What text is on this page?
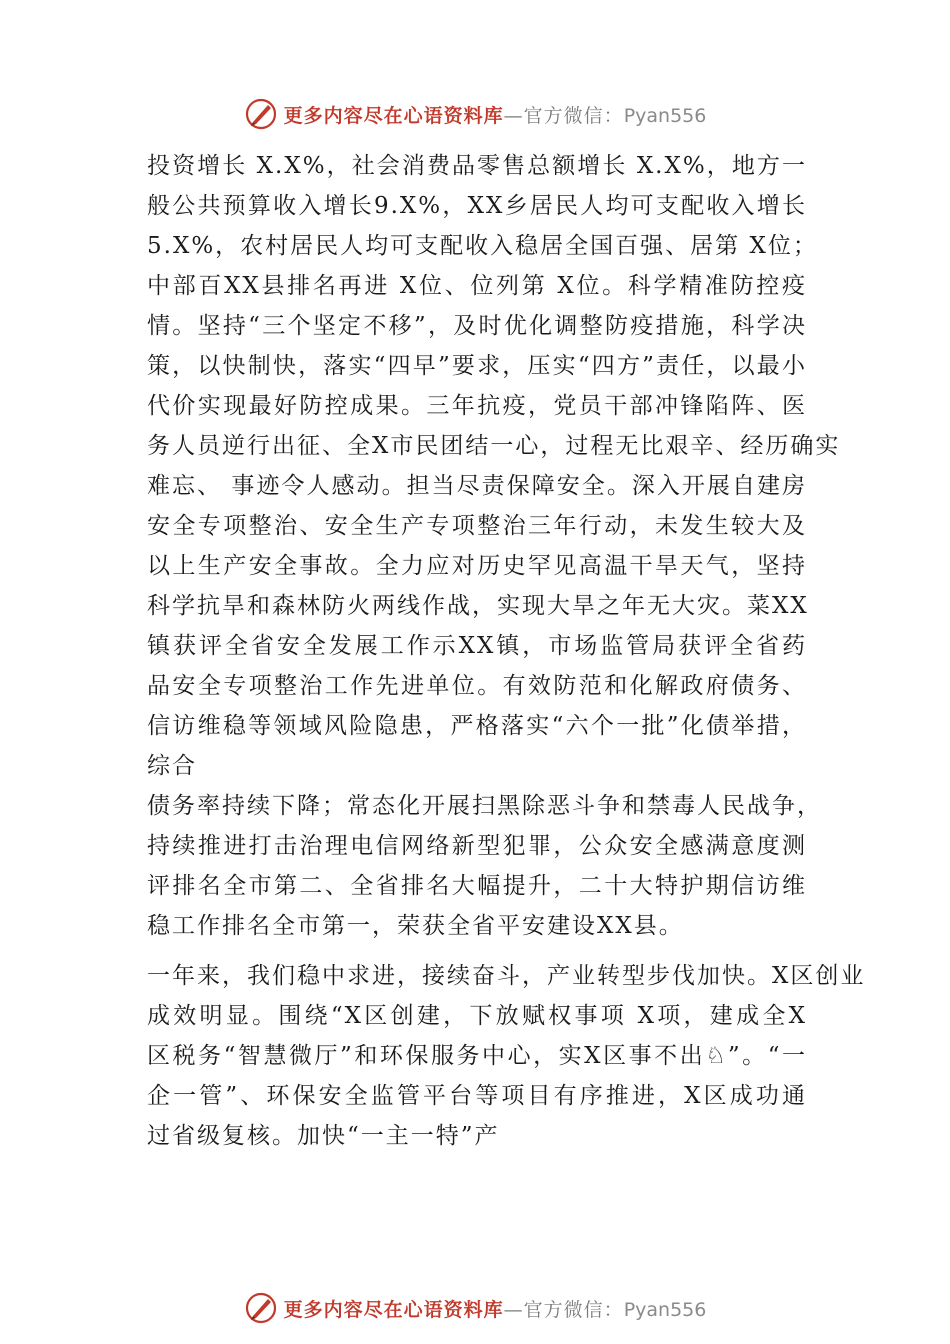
更多内容尽在心语资料库—官方微信：Pyan556
投资增长 X.X%，社会消费品零售总额增长 X.X%，地方一
般公共预算收入增长9.X%，XX乡居民人均可支配收入增长
5.X%，农村居民人均可支配收入稳居全国百强、居第 X位；
中部百XX县排名再进 X位、位列第 X位。科学精准防控疫
情。坚持“三个坚定不移”，及时优化调整防疫措施，科学决
策，以快制快，落实“四早”要求，压实“四方”责任，以最小
代价实现最好防控成果。三年抗疫，党员干部冲锋陷阵、医
务人员逆行出征、全X市民团结一心，过程无比艰辛、经历确实
难忘、 事迹令人感动。担当尽责保障安全。深入开展自建房
安全专项整治、安全生产专项整治三年行动，未发生较大及
以上生产安全事故。全力应对历史罕见高温干旱天气，坚持
科学抗旱和森林防火两线作战，实现大旱之年无大灾。菜XX
镇获评全省安全发展工作示XX镇，市场监管局获评全省药
品安全专项整治工作先进单位。有效防范和化解政府债务、
信访维稳等领域风险隐患，严格落实“六个一批”化债举措，
综合
债务率持续下降；常态化开展扫黑除恶斗争和禁毒人民战争，
持续推进打击治理电信网络新型犯罪，公众安全感满意度测
评排名全市第二、全省排名大幅提升，二十大特护期信访维
稳工作排名全市第一，荣获全省平安建设XX县。
一年来，我们稳中求进，接续奋斗，产业转型步伐加快。X区创业
成效明显。围绕“X区创建，下放赋权事项 X项，建成全X
区税务“智慧微厅”和环保服务中心，实X区事不出♘”。“一
企一管”、环保安全监管平台等项目有序推进，X区成功通
过省级复核。加快“一主一特”产
更多内容尽在心语资料库—官方微信：Pyan556
